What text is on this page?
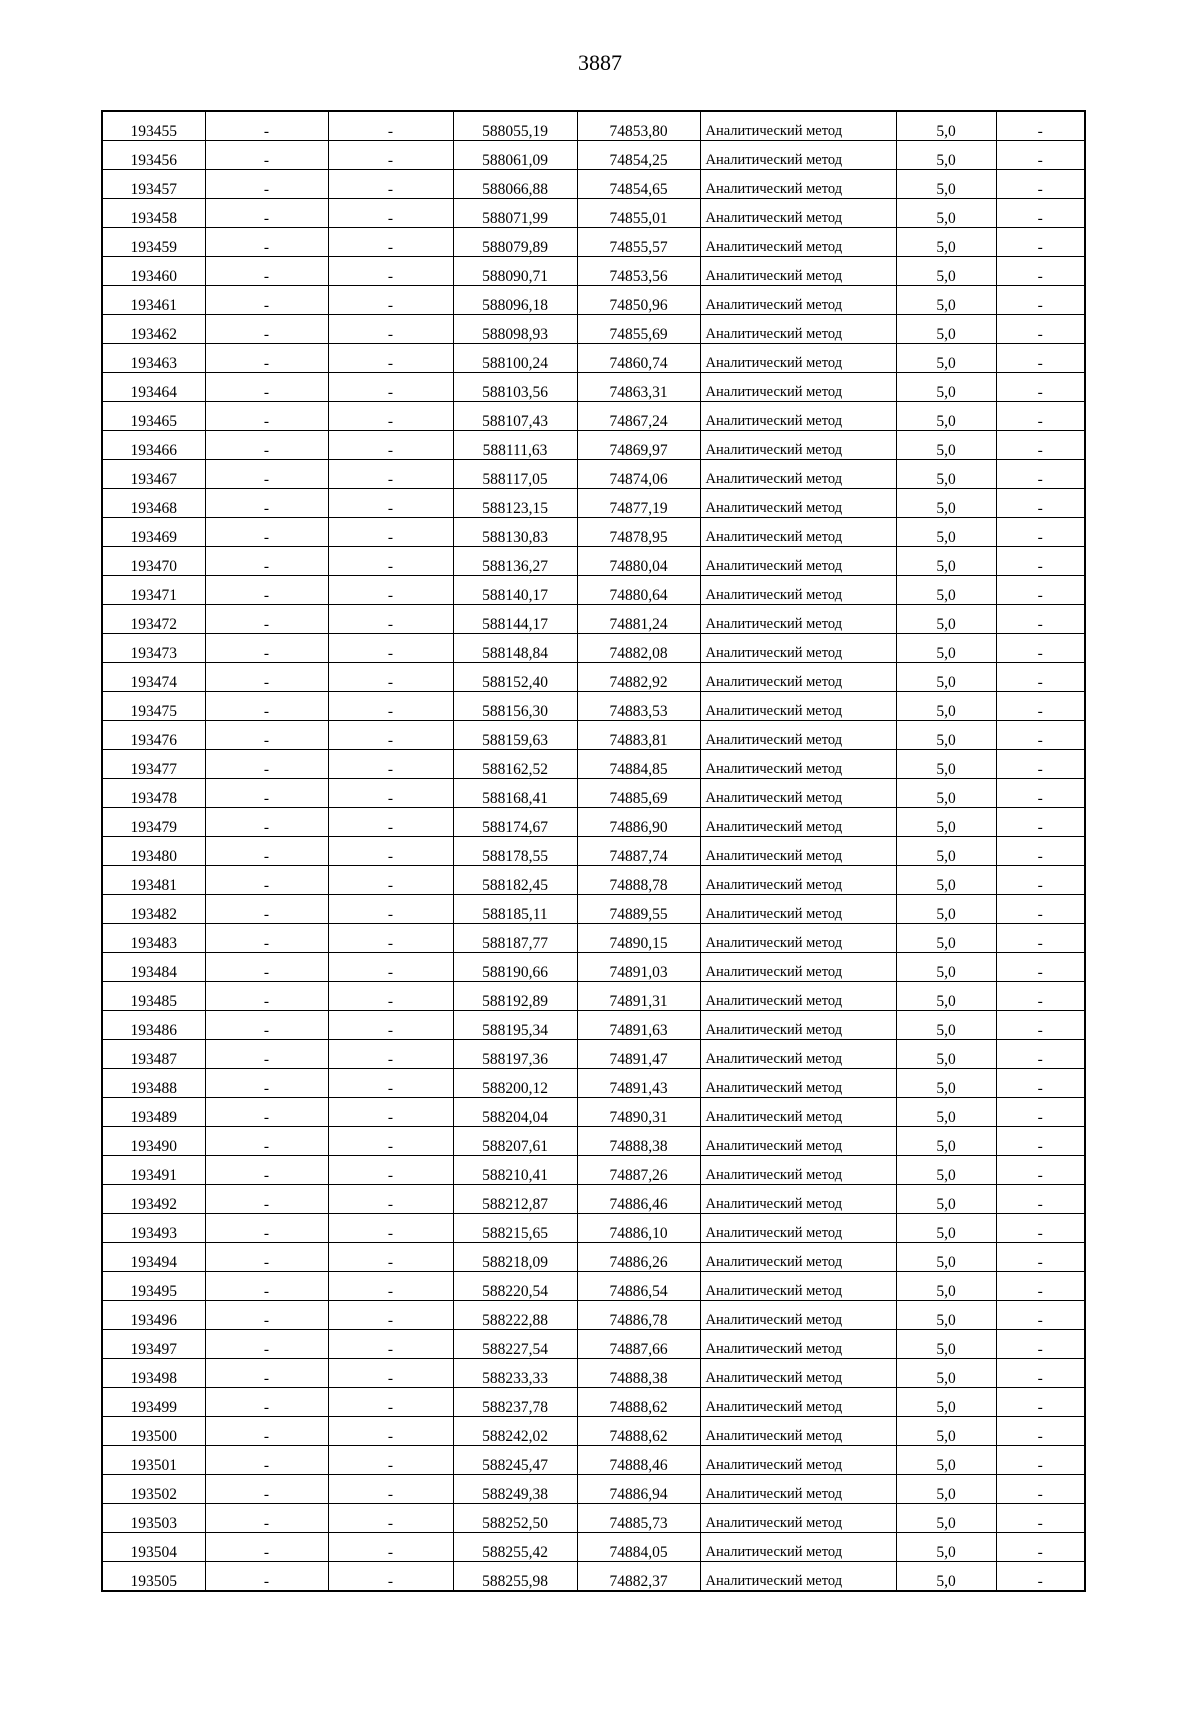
3887
193455	-	-	588055,19	74853,80	Аналитический метод	5,0	-
193456	-	-	588061,09	74854,25	Аналитический метод	5,0	-
193457	-	-	588066,88	74854,65	Аналитический метод	5,0	-
193458	-	-	588071,99	74855,01	Аналитический метод	5,0	-
193459	-	-	588079,89	74855,57	Аналитический метод	5,0	-
193460	-	-	588090,71	74853,56	Аналитический метод	5,0	-
193461	-	-	588096,18	74850,96	Аналитический метод	5,0	-
193462	-	-	588098,93	74855,69	Аналитический метод	5,0	-
193463	-	-	588100,24	74860,74	Аналитический метод	5,0	-
193464	-	-	588103,56	74863,31	Аналитический метод	5,0	-
193465	-	-	588107,43	74867,24	Аналитический метод	5,0	-
193466	-	-	588111,63	74869,97	Аналитический метод	5,0	-
193467	-	-	588117,05	74874,06	Аналитический метод	5,0	-
193468	-	-	588123,15	74877,19	Аналитический метод	5,0	-
193469	-	-	588130,83	74878,95	Аналитический метод	5,0	-
193470	-	-	588136,27	74880,04	Аналитический метод	5,0	-
193471	-	-	588140,17	74880,64	Аналитический метод	5,0	-
193472	-	-	588144,17	74881,24	Аналитический метод	5,0	-
193473	-	-	588148,84	74882,08	Аналитический метод	5,0	-
193474	-	-	588152,40	74882,92	Аналитический метод	5,0	-
193475	-	-	588156,30	74883,53	Аналитический метод	5,0	-
193476	-	-	588159,63	74883,81	Аналитический метод	5,0	-
193477	-	-	588162,52	74884,85	Аналитический метод	5,0	-
193478	-	-	588168,41	74885,69	Аналитический метод	5,0	-
193479	-	-	588174,67	74886,90	Аналитический метод	5,0	-
193480	-	-	588178,55	74887,74	Аналитический метод	5,0	-
193481	-	-	588182,45	74888,78	Аналитический метод	5,0	-
193482	-	-	588185,11	74889,55	Аналитический метод	5,0	-
193483	-	-	588187,77	74890,15	Аналитический метод	5,0	-
193484	-	-	588190,66	74891,03	Аналитический метод	5,0	-
193485	-	-	588192,89	74891,31	Аналитический метод	5,0	-
193486	-	-	588195,34	74891,63	Аналитический метод	5,0	-
193487	-	-	588197,36	74891,47	Аналитический метод	5,0	-
193488	-	-	588200,12	74891,43	Аналитический метод	5,0	-
193489	-	-	588204,04	74890,31	Аналитический метод	5,0	-
193490	-	-	588207,61	74888,38	Аналитический метод	5,0	-
193491	-	-	588210,41	74887,26	Аналитический метод	5,0	-
193492	-	-	588212,87	74886,46	Аналитический метод	5,0	-
193493	-	-	588215,65	74886,10	Аналитический метод	5,0	-
193494	-	-	588218,09	74886,26	Аналитический метод	5,0	-
193495	-	-	588220,54	74886,54	Аналитический метод	5,0	-
193496	-	-	588222,88	74886,78	Аналитический метод	5,0	-
193497	-	-	588227,54	74887,66	Аналитический метод	5,0	-
193498	-	-	588233,33	74888,38	Аналитический метод	5,0	-
193499	-	-	588237,78	74888,62	Аналитический метод	5,0	-
193500	-	-	588242,02	74888,62	Аналитический метод	5,0	-
193501	-	-	588245,47	74888,46	Аналитический метод	5,0	-
193502	-	-	588249,38	74886,94	Аналитический метод	5,0	-
193503	-	-	588252,50	74885,73	Аналитический метод	5,0	-
193504	-	-	588255,42	74884,05	Аналитический метод	5,0	-
193505	-	-	588255,98	74882,37	Аналитический метод	5,0	-
